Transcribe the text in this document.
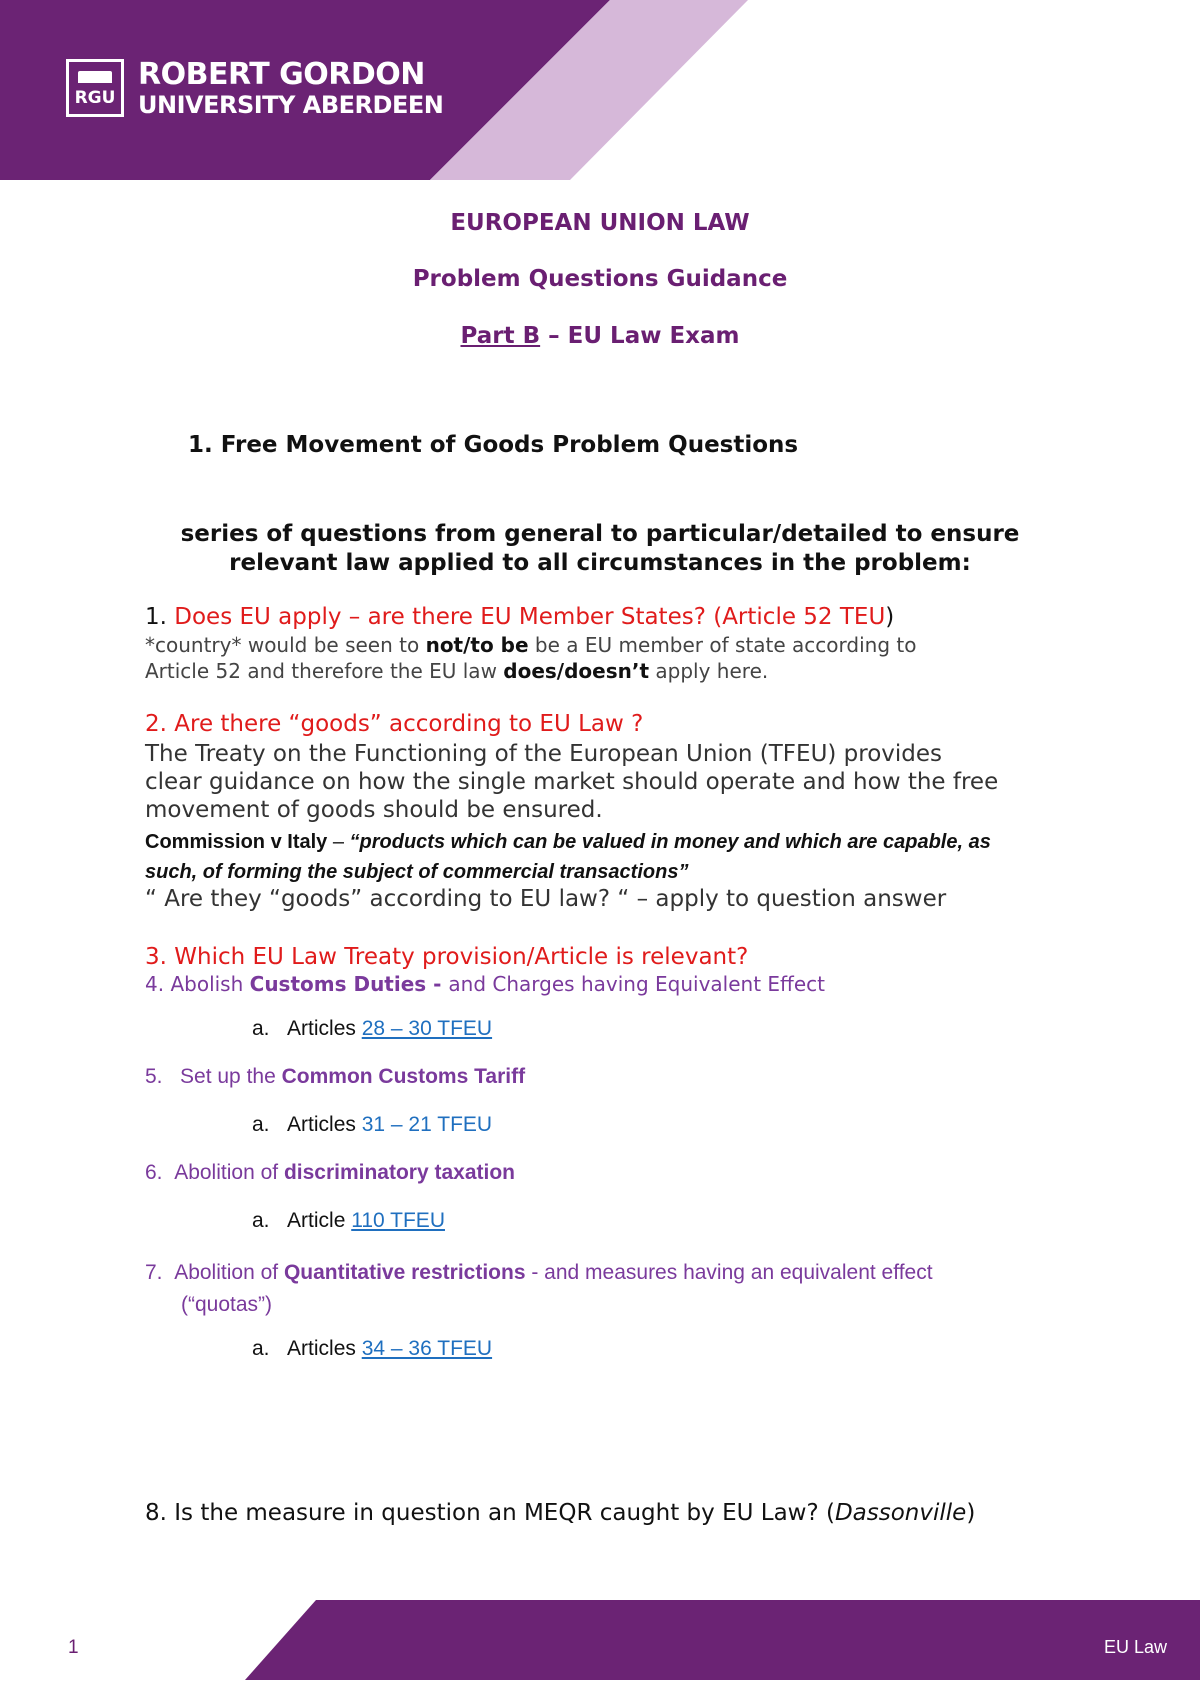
RGU
ROBERT GORDON
UNIVERSITY ABERDEEN
EUROPEAN UNION LAW
Problem Questions Guidance
Part B – EU Law Exam
1. Free Movement of Goods Problem Questions
series of questions from general to particular/detailed to ensure
relevant law applied to all circumstances in the problem:
1. Does EU apply – are there EU Member States? (Article 52 TEU)
*country* would be seen to not/to be be a EU member of state according to
Article 52 and therefore the EU law does/doesn’t apply here.
2. Are there “goods” according to EU Law ?
The Treaty on the Functioning of the European Union (TFEU) provides
clear guidance on how the single market should operate and how the free
movement of goods should be ensured.
Commission v Italy – “products which can be valued in money and which are capable, as
such, of forming the subject of commercial transactions”
“ Are they “goods” according to EU law? “ – apply to question answer
3. Which EU Law Treaty provision/Article is relevant?
4. Abolish Customs Duties - and Charges having Equivalent Effect
a. Articles 28 – 30 TFEU
5.   Set up the Common Customs Tariff
a. Articles 31 – 21 TFEU
6. Abolition of discriminatory taxation
a. Article 110 TFEU
7. Abolition of Quantitative restrictions - and measures having an equivalent effect
(“quotas”)
a. Articles 34 – 36 TFEU
8. Is the measure in question an MEQR caught by EU Law? (Dassonville)
1	EU Law
